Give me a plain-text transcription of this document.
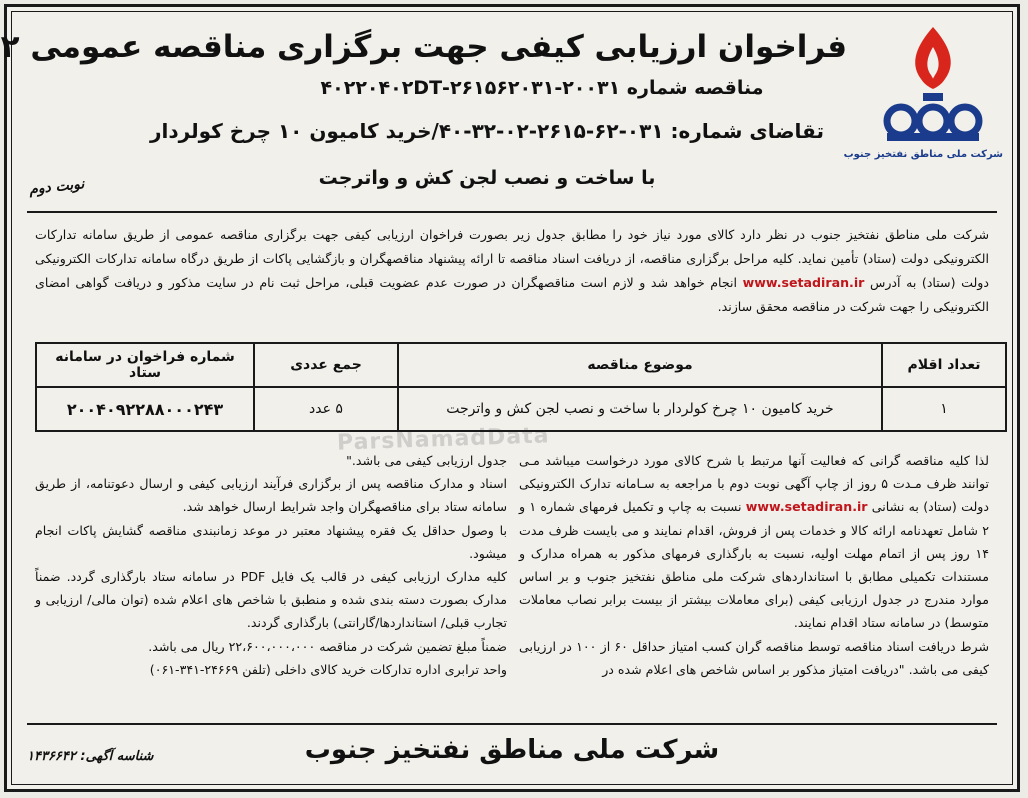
شرکت ملی مناطق نفتخیز جنوب
فراخوان ارزیابی کیفی جهت برگزاری مناقصه عمومی ۲
مناقصه شماره ۲۰۰۳۱-۲۶۱۵۶۲۰۳۱-۴۰۲۲۰۴۰۲DT
تقاضای شماره: ۰۳۱-۶۲-۲۶۱۵-۰۲-۳۲-۴۰/خرید کامیون ۱۰ چرخ کولردار
با ساخت و نصب لجن کش و واترجت
نوبت دوم
شرکت ملی مناطق نفتخیز جنوب در نظر دارد کالای مورد نیاز خود را مطابق جدول زیر بصورت فراخوان ارزیابی کیفی جهت برگزاری مناقصه عمومی از طریق سامانه تدارکات الکترونیکی دولت (ستاد) تأمین نماید. کلیه مراحل برگزاری مناقصه، از دریافت اسناد مناقصه تا ارائه پیشنهاد مناقصهگران و بازگشایی پاکات از طریق درگاه سامانه تدارکات الکترونیکی دولت (ستاد) به آدرس www.setadiran.ir انجام خواهد شد و لازم است مناقصهگران در صورت عدم عضویت قبلی، مراحل ثبت نام در سایت مذکور و دریافت گواهی امضای الکترونیکی را جهت شرکت در مناقصه محقق سازند.
ParsNamadData
تعداد اقلام	موضوع مناقصه	جمع عددی	شماره فراخوان در سامانه ستاد
۱	خرید کامیون ۱۰ چرخ کولردار با ساخت و نصب لجن کش و واترجت	۵ عدد	۲۰۰۴۰۹۲۲۸۸۰۰۰۲۴۳

لذا کلیه مناقصه گرانی که فعالیت آنها مرتبط با شرح کالای مورد درخواست میباشد مـی توانند ظرف مـدت ۵ روز از چاپ آگهی نوبت دوم با مراجعه به سـامانه تدارک الکترونیکی دولت (ستاد) به نشانی www.setadiran.ir نسبت به چاپ و تکمیل فرمهای شماره ۱ و ۲ شامل تعهدنامه ارائه کالا و خدمات پس از فروش، اقدام نمایند و می بایست ظرف مدت ۱۴ روز پس از اتمام مهلت اولیه، نسبت به بارگذاری فرمهای مذکور به همراه مدارک و مستندات تکمیلی مطابق با استانداردهای شرکت ملی مناطق نفتخیز جنوب و بر اساس موارد مندرج در جدول ارزیابی کیفی (برای معاملات بیشتر از بیست برابر نصاب معاملات متوسط) در سامانه ستاد اقدام نمایند.

شرط دریافت اسناد مناقصه توسط مناقصه گران کسب امتیاز حداقل ۶۰ از ۱۰۰ در ارزیابی کیفی می باشد. "دریافت امتیاز مذکور بر اساس شاخص های اعلام شده در

جدول ارزیابی کیفی می باشد."

اسناد و مدارک مناقصه پس از برگزاری فرآیند ارزیابی کیفی و ارسال دعوتنامه، از طریق سامانه ستاد برای مناقصهگران واجد شرایط ارسال خواهد شد.

با وصول حداقل یک فقره پیشنهاد معتبر در موعد زمانبندی مناقصه گشایش پاکات انجام میشود.

کلیه مدارک ارزیابی کیفی در قالب یک فایل PDF در سامانه ستاد بارگذاری گردد. ضمناً مدارک بصورت دسته بندی شده و منطبق با شاخص های اعلام شده (توان مالی/ ارزیابی و تجارب قبلی/ استانداردها/گارانتی) بارگذاری گردند.

ضمناً مبلغ تضمین شرکت در مناقصه ۲۲،۶۰۰،۰۰۰،۰۰۰ ریال می باشد.

واحد ترابری اداره تدارکات خرید کالای داخلی (تلفن ۲۴۶۶۹-۳۴۱-۰۶۱)

شرکت ملی مناطق نفتخیز جنوب
شناسه آگهی: ۱۴۳۶۶۴۲
